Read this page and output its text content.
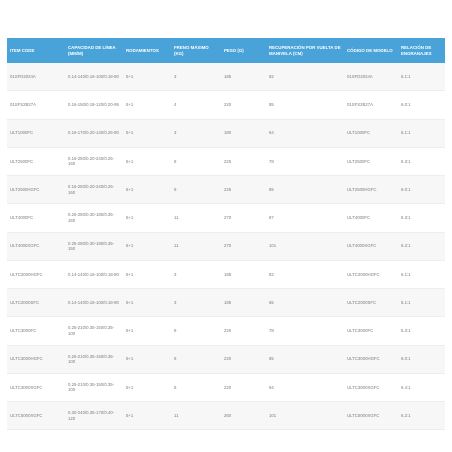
ITEM CODE	CAPACIDAD DE LÍNEA (MM/M)	RODAMIENTOS	FRENO MÁXIMO (KG)	PESO (G)	RECUPERACIÓN POR VUELTA DE MANIVELA (CM)	CÓDIGO DE MODELO	RELACIÓN DE ENGRANAJES
01SFD2024A	0.14-140/0.16-100/0.18-80	5+1	3	185	82	01SFD2024A	6.1:1
01SFS2B27A	0.16-150/0.18-120/0.20-95	5+1	4	220	85	01SFS2B27A	6.0:1
ULT1000FC	0.16-170/0.20-140/0.25-80	5+1	3	180	64	ULT1000FC	6.1:1
ULT2500FC	0.16-250/0.20-240/0.25-160	5+1	9	225	78	ULT2500FC	5.3:1
ULT2500HGFC	0.16-250/0.20-240/0.25-160	5+1	9	225	85	ULT2500HGFC	6.0:1
ULT4000FC	0.25-280/0.30-180/0.35-150	5+1	11	270	87	ULT4000FC	5.3:1
ULT4000XGFC	0.25-280/0.30-180/0.35-150	5+1	11	270	101	ULT4000XGFC	6.2:1
ULTC2000HGFC	0.14-140/0.16-100/0.18-80	5+1	3	185	82	ULTC2000HGFC	6.1:1
ULTC2000SFC	0.14-140/0.16-100/0.18-80	5+1	3	185	65	ULTC2000SFC	5.1:1
ULTC3000FC	0.25-210/0.35-150/0.35-100	5+1	9	220	78	ULTC3000FC	5.3:1
ULTC3000HGFC	0.25-210/0.35-150/0.35-100	5+1	9	220	85	ULTC3000HGFC	6.0:1
ULTC3000XGFC	0.25-210/0.35-150/0.35-100	5+1	9	220	94	ULTC3000XGFC	6.4:1
ULTC5000XGFC	0.30-240/0.35-170/0.40-120	5+1	11	260	101	ULTC5000XGFC	6.2:1
